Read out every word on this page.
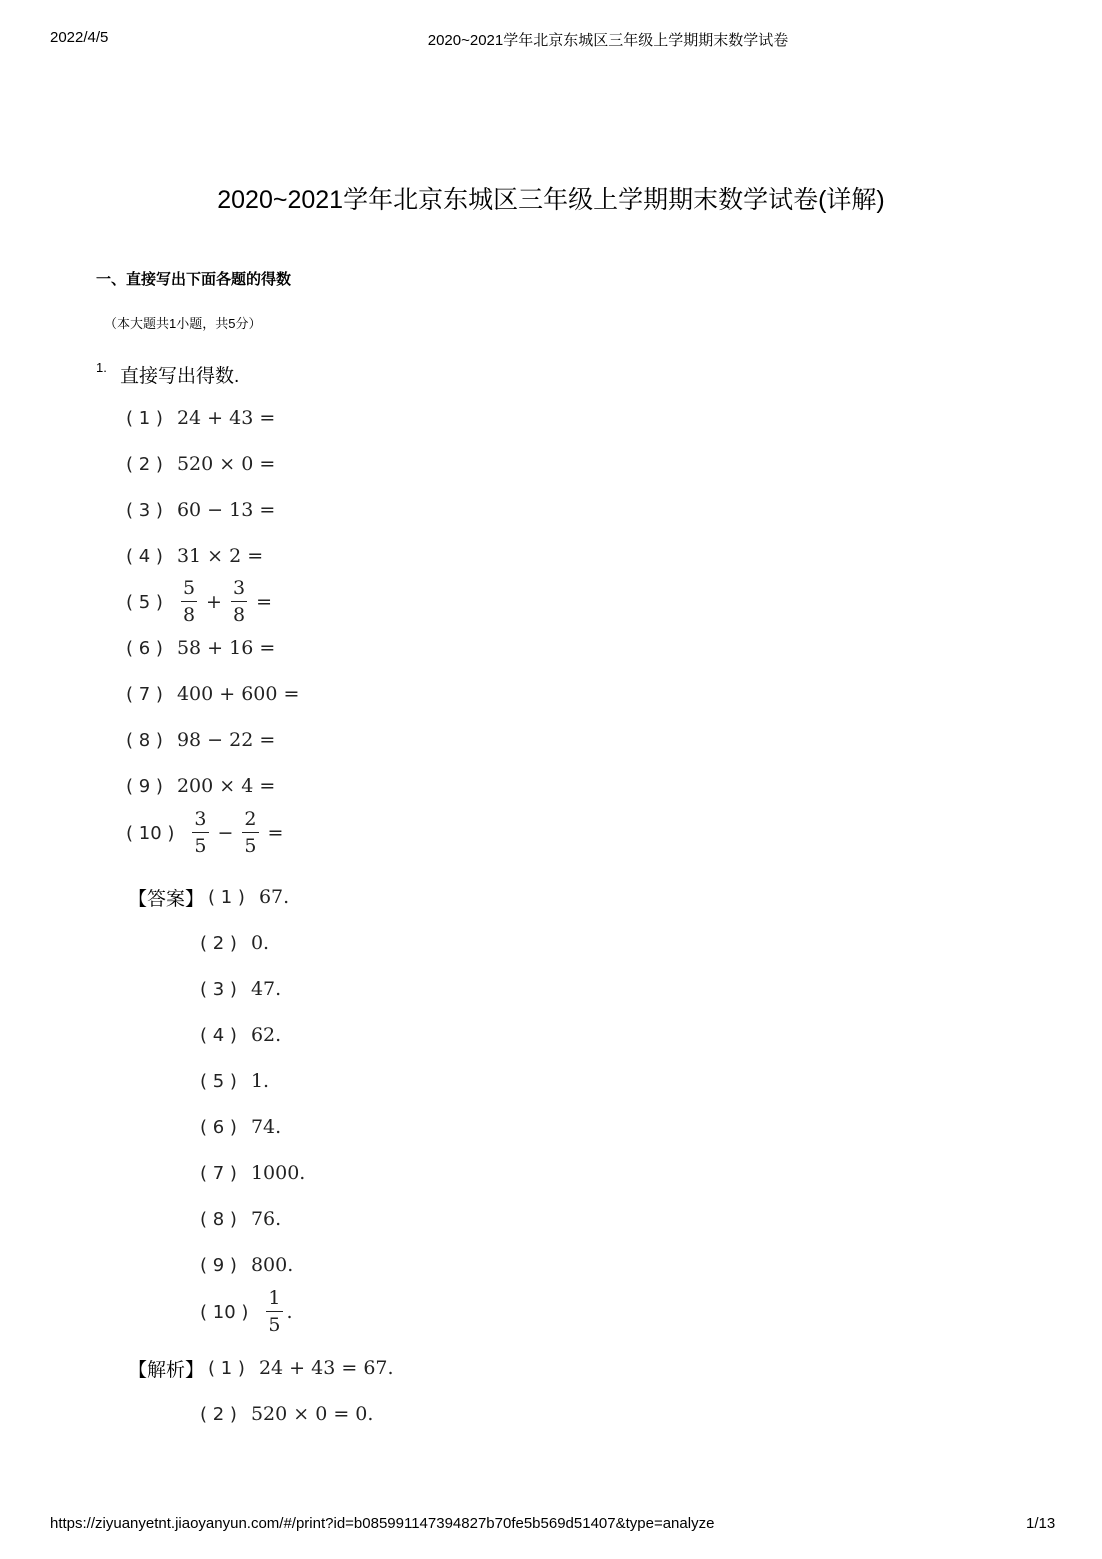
2022/4/5	2020~2021学年北京东城区三年级上学期期末数学试卷
2020~2021学年北京东城区三年级上学期期末数学试卷(详解)
一、直接写出下面各题的得数
（本大题共1小题，共5分）
1. 直接写出得数.
( 1 ) 24 + 43 =
( 2 ) 520 × 0 =
( 3 ) 60 − 13 =
( 4 ) 31 × 2 =
( 5 ) $\frac{5}{8} + \frac{3}{8}$ =
( 6 ) 58 + 16 =
( 7 ) 400 + 600 =
( 8 ) 98 − 22 =
( 9 ) 200 × 4 =
( 10 ) $\frac{3}{5} - \frac{2}{5}$ =
【答案】 ( 1 ) 67.
( 2 ) 0.
( 3 ) 47.
( 4 ) 62.
( 5 ) 1.
( 6 ) 74.
( 7 ) 1000.
( 8 ) 76.
( 9 ) 800.
( 10 ) $\frac{1}{5}$ .
【解析】 ( 1 ) 24 + 43 = 67.
( 2 ) 520 × 0 = 0.
https://ziyuanyetnt.jiaoyanyun.com/#/print?id=b085991147394827b70fe5b569d51407&type=analyze	1/13
